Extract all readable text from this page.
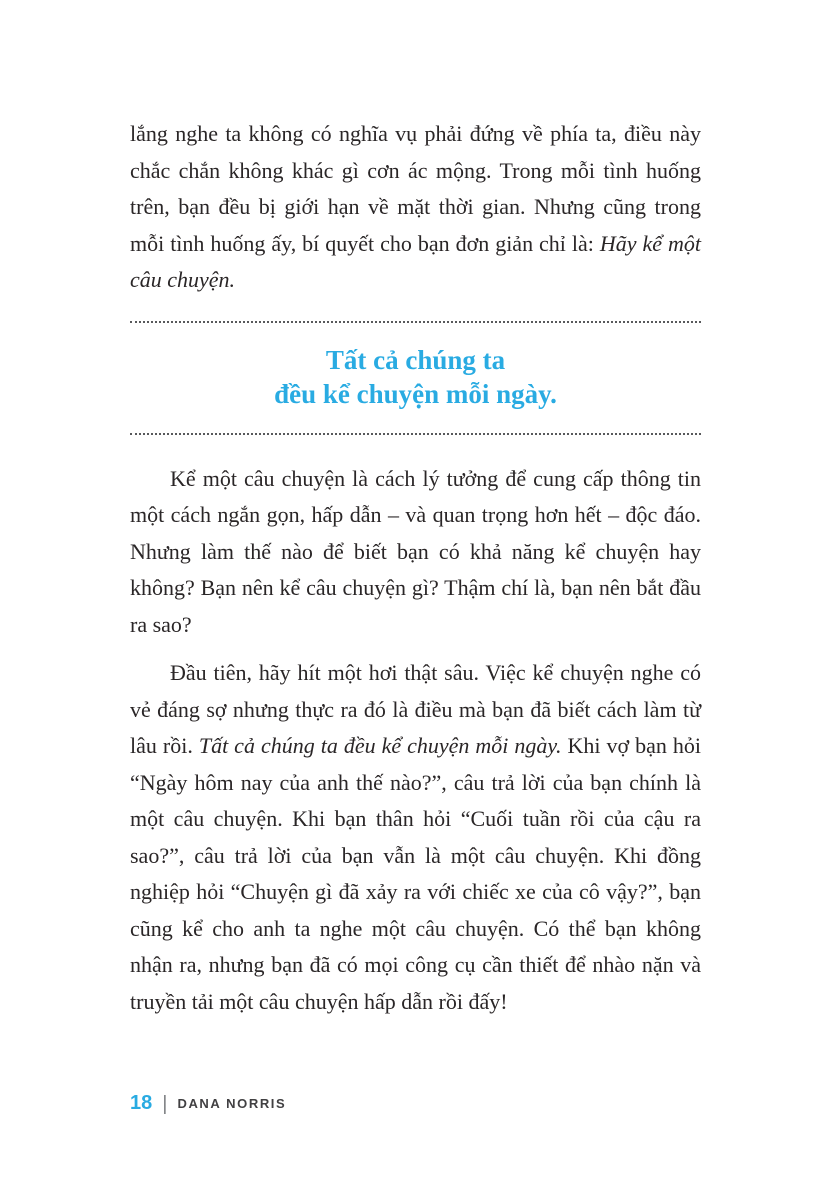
lắng nghe ta không có nghĩa vụ phải đứng về phía ta, điều này chắc chắn không khác gì cơn ác mộng. Trong mỗi tình huống trên, bạn đều bị giới hạn về mặt thời gian. Nhưng cũng trong mỗi tình huống ấy, bí quyết cho bạn đơn giản chỉ là: Hãy kể một câu chuyện.

Tất cả chúng ta
đều kể chuyện mỗi ngày.

Kể một câu chuyện là cách lý tưởng để cung cấp thông tin một cách ngắn gọn, hấp dẫn – và quan trọng hơn hết – độc đáo. Nhưng làm thế nào để biết bạn có khả năng kể chuyện hay không? Bạn nên kể câu chuyện gì? Thậm chí là, bạn nên bắt đầu ra sao?

Đầu tiên, hãy hít một hơi thật sâu. Việc kể chuyện nghe có vẻ đáng sợ nhưng thực ra đó là điều mà bạn đã biết cách làm từ lâu rồi. Tất cả chúng ta đều kể chuyện mỗi ngày. Khi vợ bạn hỏi “Ngày hôm nay của anh thế nào?”, câu trả lời của bạn chính là một câu chuyện. Khi bạn thân hỏi “Cuối tuần rồi của cậu ra sao?”, câu trả lời của bạn vẫn là một câu chuyện. Khi đồng nghiệp hỏi “Chuyện gì đã xảy ra với chiếc xe của cô vậy?”, bạn cũng kể cho anh ta nghe một câu chuyện. Có thể bạn không nhận ra, nhưng bạn đã có mọi công cụ cần thiết để nhào nặn và truyền tải một câu chuyện hấp dẫn rồi đấy!

18 | DANA NORRIS
